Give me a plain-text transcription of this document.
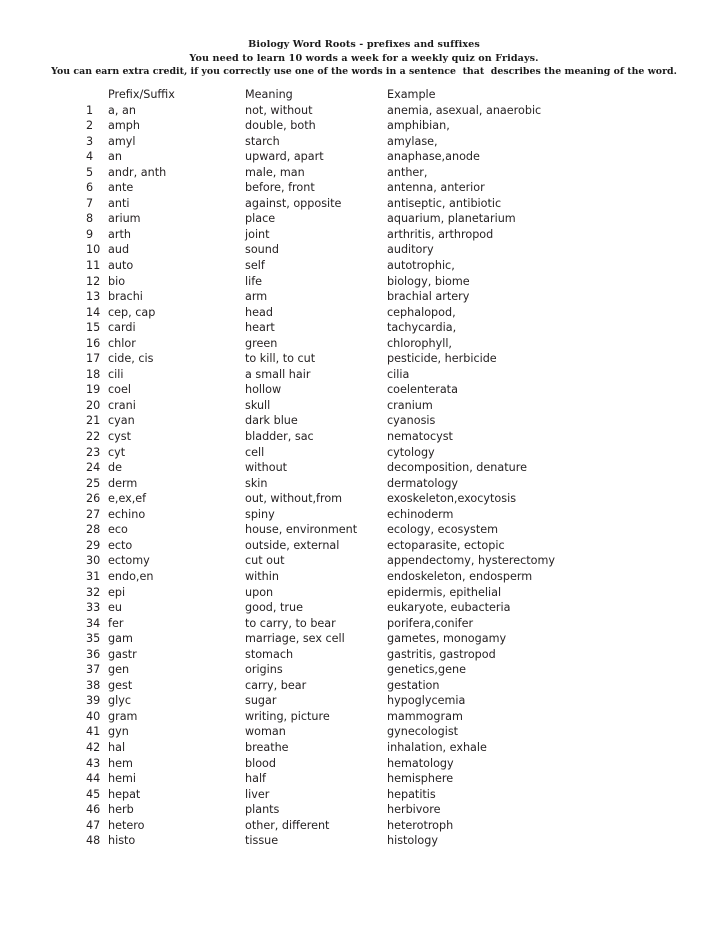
Biology Word Roots - prefixes and suffixes
You need to learn 10 words a week for a weekly quiz on Fridays.
You can earn extra credit, if you correctly use one of the words in a sentence  that  describes the meaning of the word.
		Prefix/Suffix	Meaning	Example
	1	a, an	not, without	anemia, asexual, anaerobic
	2	amph	double, both	amphibian,
	3	amyl	starch	amylase,
	4	an	upward, apart	anaphase,anode
	5	andr, anth	male, man	anther,
	6	ante	before, front	antenna, anterior
	7	anti	against, opposite	antiseptic, antibiotic
	8	arium	place	aquarium, planetarium
	9	arth	joint	arthritis, arthropod
	10	aud	sound	auditory
	11	auto	self	autotrophic,
	12	bio	life	biology, biome
	13	brachi	arm	brachial artery
	14	cep, cap	head	cephalopod,
	15	cardi	heart	tachycardia,
	16	chlor	green	chlorophyll,
	17	cide, cis	to kill, to cut	pesticide, herbicide
	18	cili	a small hair	cilia
	19	coel	hollow	coelenterata
	20	crani	skull	cranium
	21	cyan	dark blue	cyanosis
	22	cyst	bladder, sac	nematocyst
	23	cyt	cell	cytology
	24	de	without	decomposition, denature
	25	derm	skin	dermatology
	26	e,ex,ef	out, without,from	exoskeleton,exocytosis
	27	echino	spiny	echinoderm
	28	eco	house, environment	ecology, ecosystem
	29	ecto	outside, external	ectoparasite, ectopic
	30	ectomy	cut out	appendectomy, hysterectomy
	31	endo,en	within	endoskeleton, endosperm
	32	epi	upon	epidermis, epithelial
	33	eu	good, true	eukaryote, eubacteria
	34	fer	to carry, to bear	porifera,conifer
	35	gam	marriage, sex cell	gametes, monogamy
	36	gastr	stomach	gastritis, gastropod
	37	gen	origins	genetics,gene
	38	gest	carry, bear	gestation
	39	glyc	sugar	hypoglycemia
	40	gram	writing, picture	mammogram
	41	gyn	woman	gynecologist
	42	hal	breathe	inhalation, exhale
	43	hem	blood	hematology
	44	hemi	half	hemisphere
	45	hepat	liver	hepatitis
	46	herb	plants	herbivore
	47	hetero	other, different	heterotroph
	48	histo	tissue	histology
